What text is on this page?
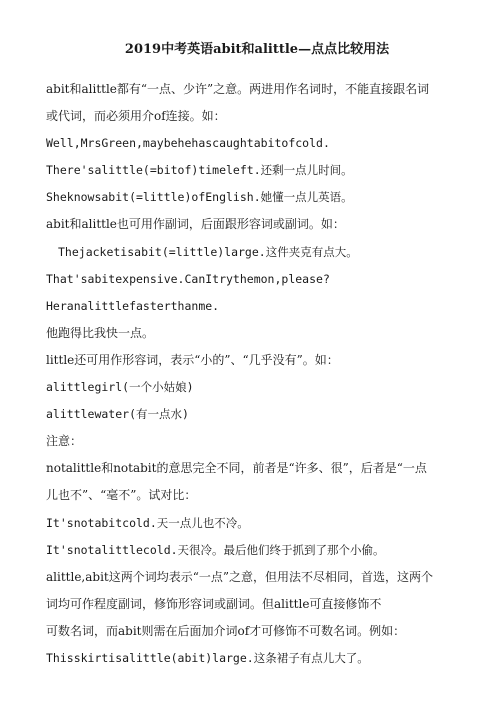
2019中考英语abit和alittle—点点比较用法

abit和alittle都有“一点、少许”之意。两进用作名词时，不能直接跟名词

或代词，而必须用介of连接。如：

Well,MrsGreen,maybehehascaughtabitofcold.

There'salittle(=bitof)timeleft.还剩一点儿时间。

Sheknowsabit(=little)ofEnglish.她懂一点儿英语。

abit和alittle也可用作副词，后面跟形容词或副词。如：

Thejacketisabit(=little)large.这件夹克有点大。

That'sabitexpensive.CanItrythemon,please?

Heranalittlefasterthanme.

他跑得比我快一点。

little还可用作形容词，表示“小的”、“几乎没有”。如：

alittlegirl(一个小姑娘)

alittlewater(有一点水)

注意：

notalittle和notabit的意思完全不同，前者是“许多、很”，后者是“一点

儿也不”、“毫不”。试对比：

It'snotabitcold.天一点儿也不冷。

It'snotalittlecold.天很冷。最后他们终于抓到了那个小偷。

alittle,abit这两个词均表示“一点”之意，但用法不尽相同，首选，这两个

词均可作程度副词，修饰形容词或副词。但alittle可直接修饰不

可数名词，而abit则需在后面加介词of才可修饰不可数名词。例如：

Thisskirtisalittle(abit)large.这条裙子有点儿大了。
